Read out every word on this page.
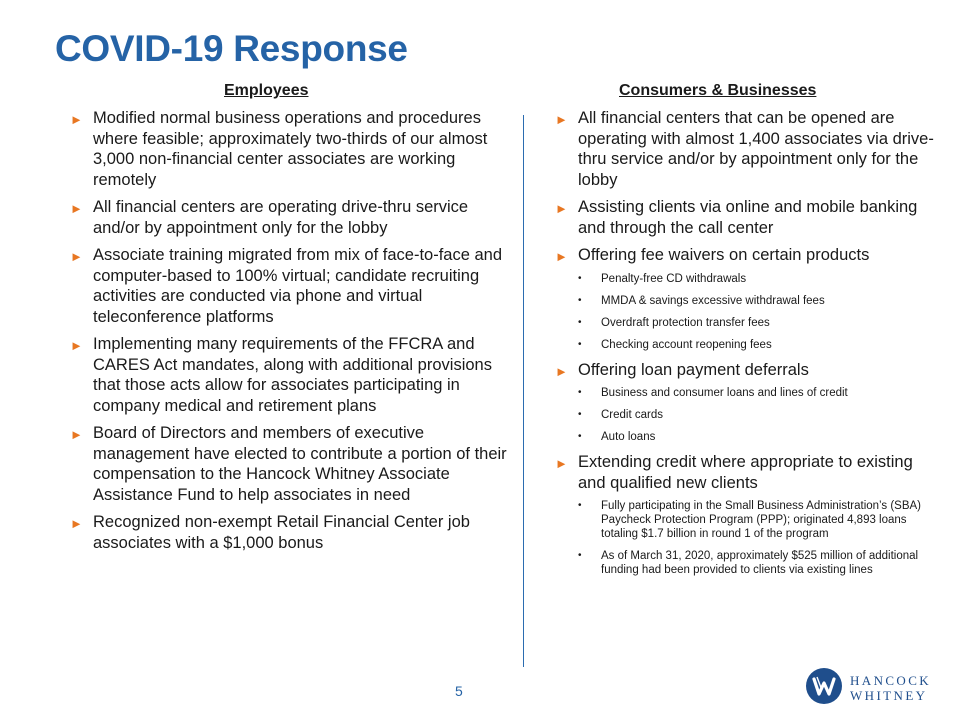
COVID-19 Response
Employees	Consumers & Businesses
► Modified normal business operations and procedures where feasible; approximately two-thirds of our almost 3,000 non-financial center associates are working remotely
► All financial centers are operating drive-thru service and/or by appointment only for the lobby
► Associate training migrated from mix of face-to-face and computer-based to 100% virtual; candidate recruiting activities are conducted via phone and virtual teleconference platforms
► Implementing many requirements of the FFCRA and CARES Act mandates, along with additional provisions that those acts allow for associates participating in company medical and retirement plans
► Board of Directors and members of executive management have elected to contribute a portion of their compensation to the Hancock Whitney Associate Assistance Fund to help associates in need
► Recognized non-exempt Retail Financial Center job associates with a $1,000 bonus
► All financial centers that can be opened are operating with almost 1,400 associates via drive-thru service and/or by appointment only for the lobby
► Assisting clients via online and mobile banking and through the call center
► Offering fee waivers on certain products
• Penalty-free CD withdrawals
• MMDA & savings excessive withdrawal fees
• Overdraft protection transfer fees
• Checking account reopening fees
► Offering loan payment deferrals
• Business and consumer loans and lines of credit
• Credit cards
• Auto loans
► Extending credit where appropriate to existing and qualified new clients
• Fully participating in the Small Business Administration’s (SBA) Paycheck Protection Program (PPP); originated 4,893 loans totaling $1.7 billion in round 1 of the program
• As of March 31, 2020, approximately $525 million of additional funding had been provided to clients via existing lines
5
HANCOCK
WHITNEY
